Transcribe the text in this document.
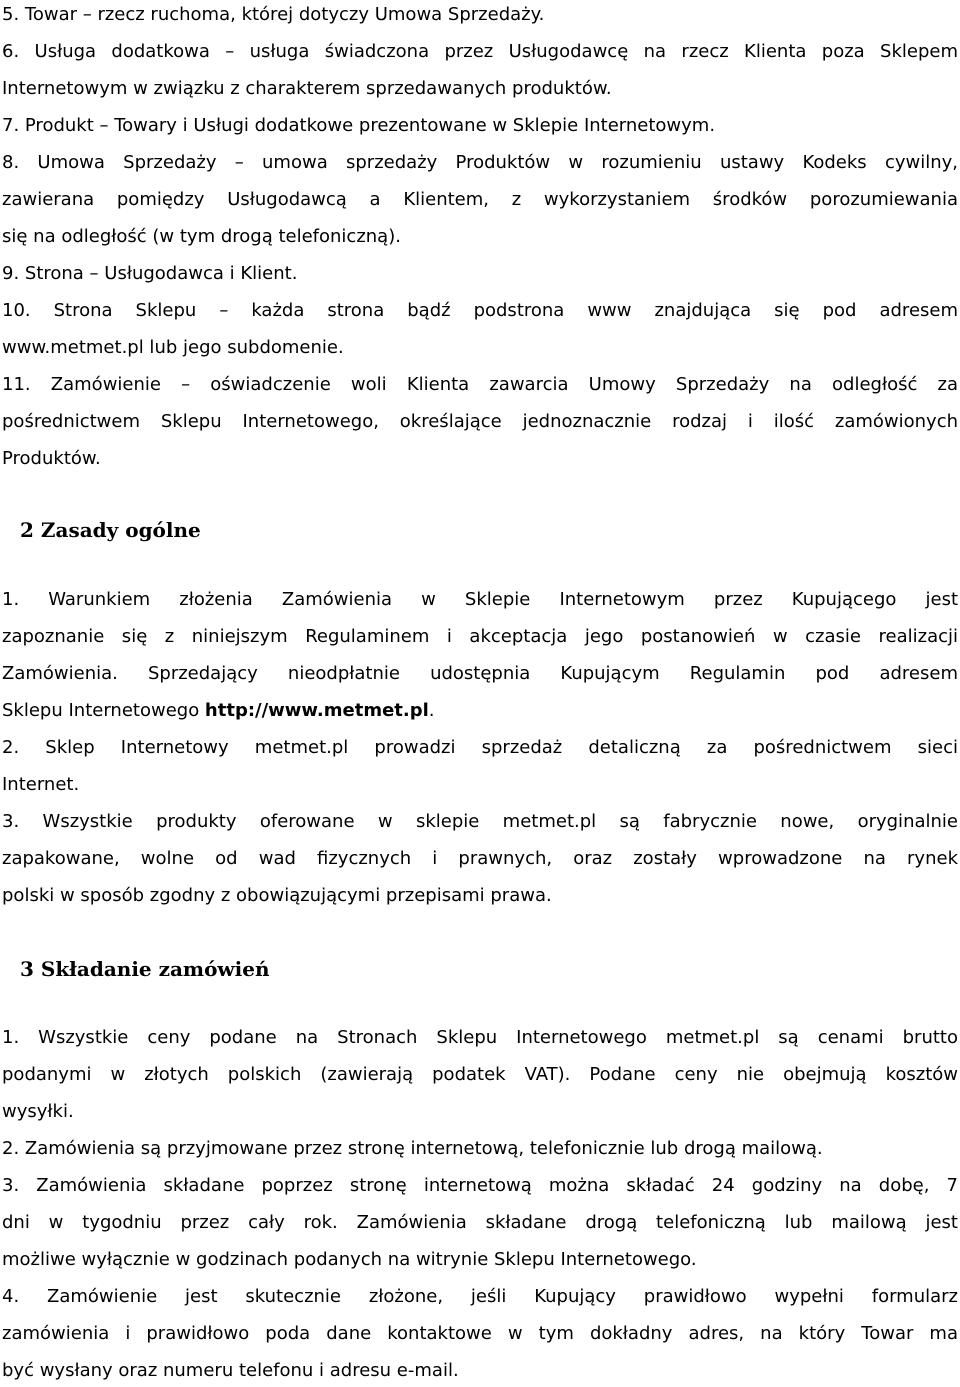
5. Towar – rzecz ruchoma, której dotyczy Umowa Sprzedaży.
6. Usługa dodatkowa – usługa świadczona przez Usługodawcę na rzecz Klienta poza Sklepem
Internetowym w związku z charakterem sprzedawanych produktów.
7. Produkt – Towary i Usługi dodatkowe prezentowane w Sklepie Internetowym.
8. Umowa Sprzedaży – umowa sprzedaży Produktów w rozumieniu ustawy Kodeks cywilny,
zawierana pomiędzy Usługodawcą a Klientem, z wykorzystaniem środków porozumiewania
się na odległość (w tym drogą telefoniczną).
9. Strona – Usługodawca i Klient.
10. Strona Sklepu – każda strona bądź podstrona www znajdująca się pod adresem
www.metmet.pl lub jego subdomenie.
11. Zamówienie – oświadczenie woli Klienta zawarcia Umowy Sprzedaży na odległość za
pośrednictwem Sklepu Internetowego, określające jednoznacznie rodzaj i ilość zamówionych
Produktów.
2 Zasady ogólne
1. Warunkiem złożenia Zamówienia w Sklepie Internetowym przez Kupującego jest
zapoznanie się z niniejszym Regulaminem i akceptacja jego postanowień w czasie realizacji
Zamówienia. Sprzedający nieodpłatnie udostępnia Kupującym Regulamin pod adresem
Sklepu Internetowego http://www.metmet.pl.
2. Sklep Internetowy metmet.pl prowadzi sprzedaż detaliczną za pośrednictwem sieci
Internet.
3. Wszystkie produkty oferowane w sklepie metmet.pl są fabrycznie nowe, oryginalnie
zapakowane, wolne od wad fizycznych i prawnych, oraz zostały wprowadzone na rynek
polski w sposób zgodny z obowiązującymi przepisami prawa.
3 Składanie zamówień
1. Wszystkie ceny podane na Stronach Sklepu Internetowego metmet.pl są cenami brutto
podanymi w złotych polskich (zawierają podatek VAT). Podane ceny nie obejmują kosztów
wysyłki.
2. Zamówienia są przyjmowane przez stronę internetową, telefonicznie lub drogą mailową.
3. Zamówienia składane poprzez stronę internetową można składać 24 godziny na dobę, 7
dni w tygodniu przez cały rok. Zamówienia składane drogą telefoniczną lub mailową jest
możliwe wyłącznie w godzinach podanych na witrynie Sklepu Internetowego.
4. Zamówienie jest skutecznie złożone, jeśli Kupujący prawidłowo wypełni formularz
zamówienia i prawidłowo poda dane kontaktowe w tym dokładny adres, na który Towar ma
być wysłany oraz numeru telefonu i adresu e-mail.
